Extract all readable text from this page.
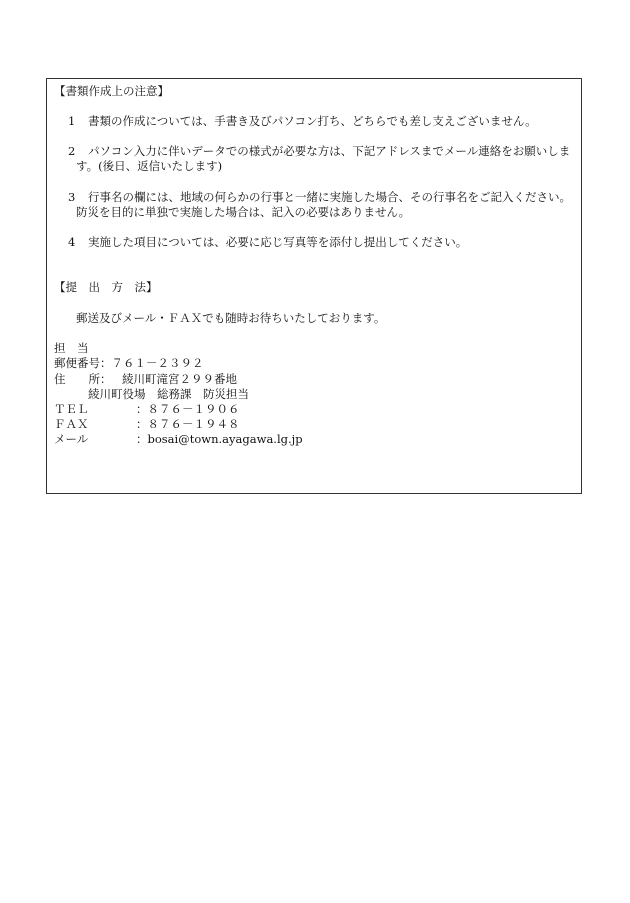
【書類作成上の注意】
1 書類の作成については、手書き及びパソコン打ち、どちらでも差し支えございません。
2 パソコン入力に伴いデータでの様式が必要な方は、下記アドレスまでメール連絡をお願いしま
す。(後日、返信いたします)
3 行事名の欄には、地域の何らかの行事と一緒に実施した場合、その行事名をご記入ください。
防災を目的に単独で実施した場合は、記入の必要はありません。
4 実施した項目については、必要に応じ写真等を添付し提出してください。
【提　出　方　法】
郵送及びメール・ＦＡＸでも随時お待ちいたしております。
担　当
郵便番号：７６１－２３９２
住　　所： 綾川町滝宮２９９番地
綾川町役場　総務課　防災担当
ＴＥＬ	：８７６－１９０６
ＦＡＸ	：８７６－１９４８
メール	：bosai@town.ayagawa.lg.jp
